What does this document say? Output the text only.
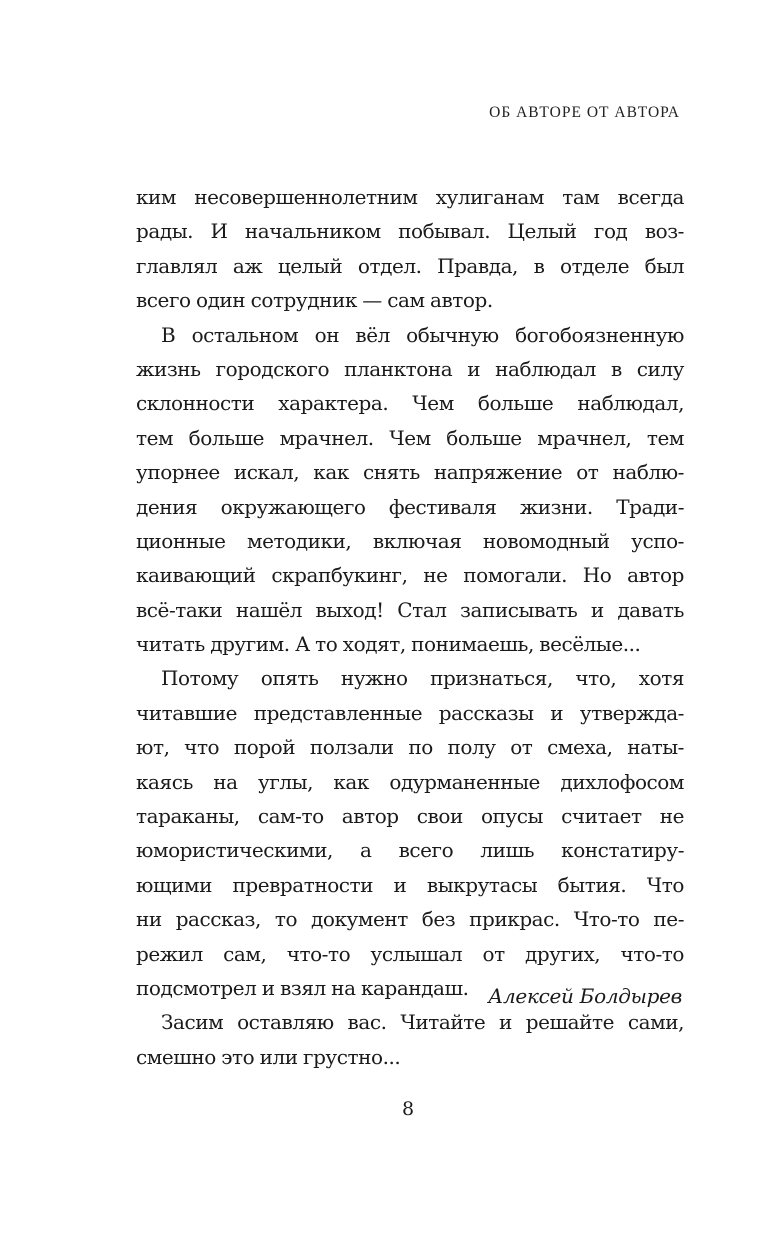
ОБ АВТОРЕ ОТ АВТОРА
ким несовершеннолетним хулиганам там всегда
рады. И начальником побывал. Целый год воз-
главлял аж целый отдел. Правда, в отделе был
всего один сотрудник — сам автор.
В остальном он вёл обычную богобоязненную
жизнь городского планктона и наблюдал в силу
склонности характера. Чем больше наблюдал,
тем больше мрачнел. Чем больше мрачнел, тем
упорнее искал, как снять напряжение от наблю-
дения окружающего фестиваля жизни. Тради-
ционные методики, включая новомодный успо-
каивающий скрапбукинг, не помогали. Но автор
всё-таки нашёл выход! Стал записывать и давать
читать другим. А то ходят, понимаешь, весёлые...
Потому опять нужно признаться, что, хотя
читавшие представленные рассказы и утвержда-
ют, что порой ползали по полу от смеха, наты-
каясь на углы, как одурманенные дихлофосом
тараканы, сам-то автор свои опусы считает не
юмористическими, а всего лишь констатиру-
ющими превратности и выкрутасы бытия. Что
ни рассказ, то документ без прикрас. Что-то пе-
режил сам, что-то услышал от других, что-то
подсмотрел и взял на карандаш.
Засим оставляю вас. Читайте и решайте сами,
смешно это или грустно...
Алексей Болдырев
8
